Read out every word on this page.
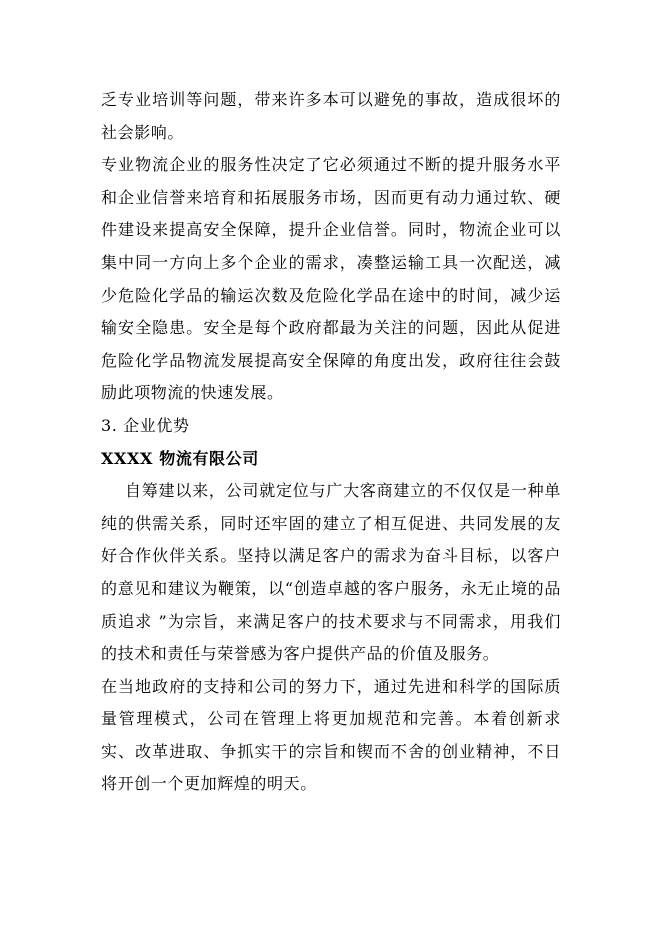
乏专业培训等问题，带来许多本可以避免的事故，造成很坏的社会影响。

专业物流企业的服务性决定了它必须通过不断的提升服务水平和企业信誉来培育和拓展服务市场，因而更有动力通过软、硬件建设来提高安全保障，提升企业信誉。同时，物流企业可以集中同一方向上多个企业的需求，凑整运输工具一次配送，减少危险化学品的输运次数及危险化学品在途中的时间，减少运输安全隐患。安全是每个政府都最为关注的问题，因此从促进危险化学品物流发展提高安全保障的角度出发，政府往往会鼓励此项物流的快速发展。

3. 企业优势

XXXX 物流有限公司

自筹建以来，公司就定位与广大客商建立的不仅仅是一种单纯的供需关系，同时还牢固的建立了相互促进、共同发展的友好合作伙伴关系。坚持以满足客户的需求为奋斗目标，以客户的意见和建议为鞭策，以“创造卓越的客户服务，永无止境的品质追求 ”为宗旨，来满足客户的技术要求与不同需求，用我们的技术和责任与荣誉感为客户提供产品的价值及服务。

在当地政府的支持和公司的努力下，通过先进和科学的国际质量管理模式，公司在管理上将更加规范和完善。本着创新求实、改革进取、争抓实干的宗旨和锲而不舍的创业精神，不日将开创一个更加辉煌的明天。
